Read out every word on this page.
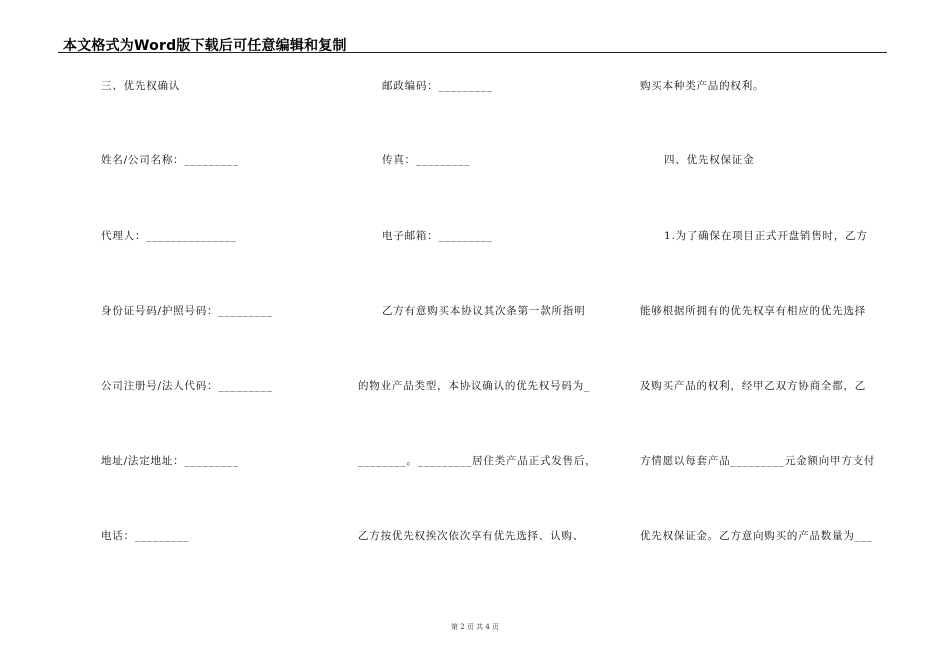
本文格式为Word版下载后可任意编辑和复制
三、优先权确认
姓名/公司名称：_________
代理人：_______________
身份证号码/护照号码：_________
公司注册号/法人代码：_________
地址/法定地址：_________
电话：_________
邮政编码：_________
传真：_________
电子邮箱：_________
乙方有意购买本协议其次条第一款所指明
的物业产品类型，本协议确认的优先权号码为_
________。_________居住类产品正式发售后，
乙方按优先权挨次依次享有优先选择、认购、
购买本种类产品的权利。
四、优先权保证金
1.为了确保在项目正式开盘销售时，乙方
能够根据所拥有的优先权享有相应的优先选择
及购买产品的权利，经甲乙双方协商全都，乙
方情愿以每套产品_________元金额向甲方支付
优先权保证金。乙方意向购买的产品数量为___
第 2 页 共 4 页
